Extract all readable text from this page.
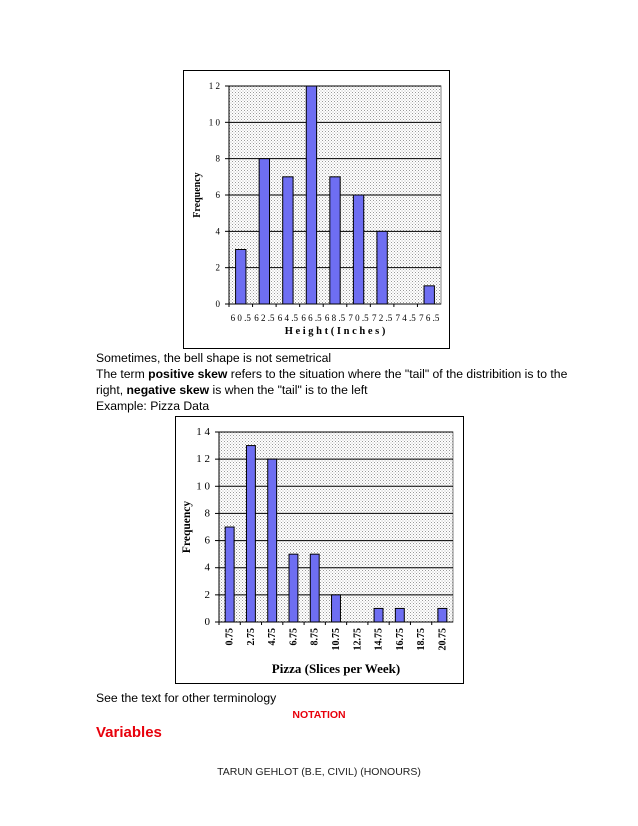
0
2
4
6
8
1 0
1 2
6 0 .5 6 2 .5 6 4 .5 6 6 .5 6 8 .5 7 0 .5 7 2 .5 7 4 .5 7 6 .5
H e i g h t ( I n c h e s )
Frequency
Sometimes, the bell shape is not semetrical
The term positive skew refers to the situation where the "tail" of the distribition is to the
right, negative skew is when the "tail" is to the left
Example: Pizza Data
0
2
4
6
8
1 0
1 2
1 4
0.75 2.75 4.75 6.75 8.75 10.75 12.75 14.75 16.75 18.75 20.75
Pizza (Slices per Week)
Frequency
See the text for other terminology
NOTATION
Variables
TARUN GEHLOT (B.E, CIVIL) (HONOURS)
